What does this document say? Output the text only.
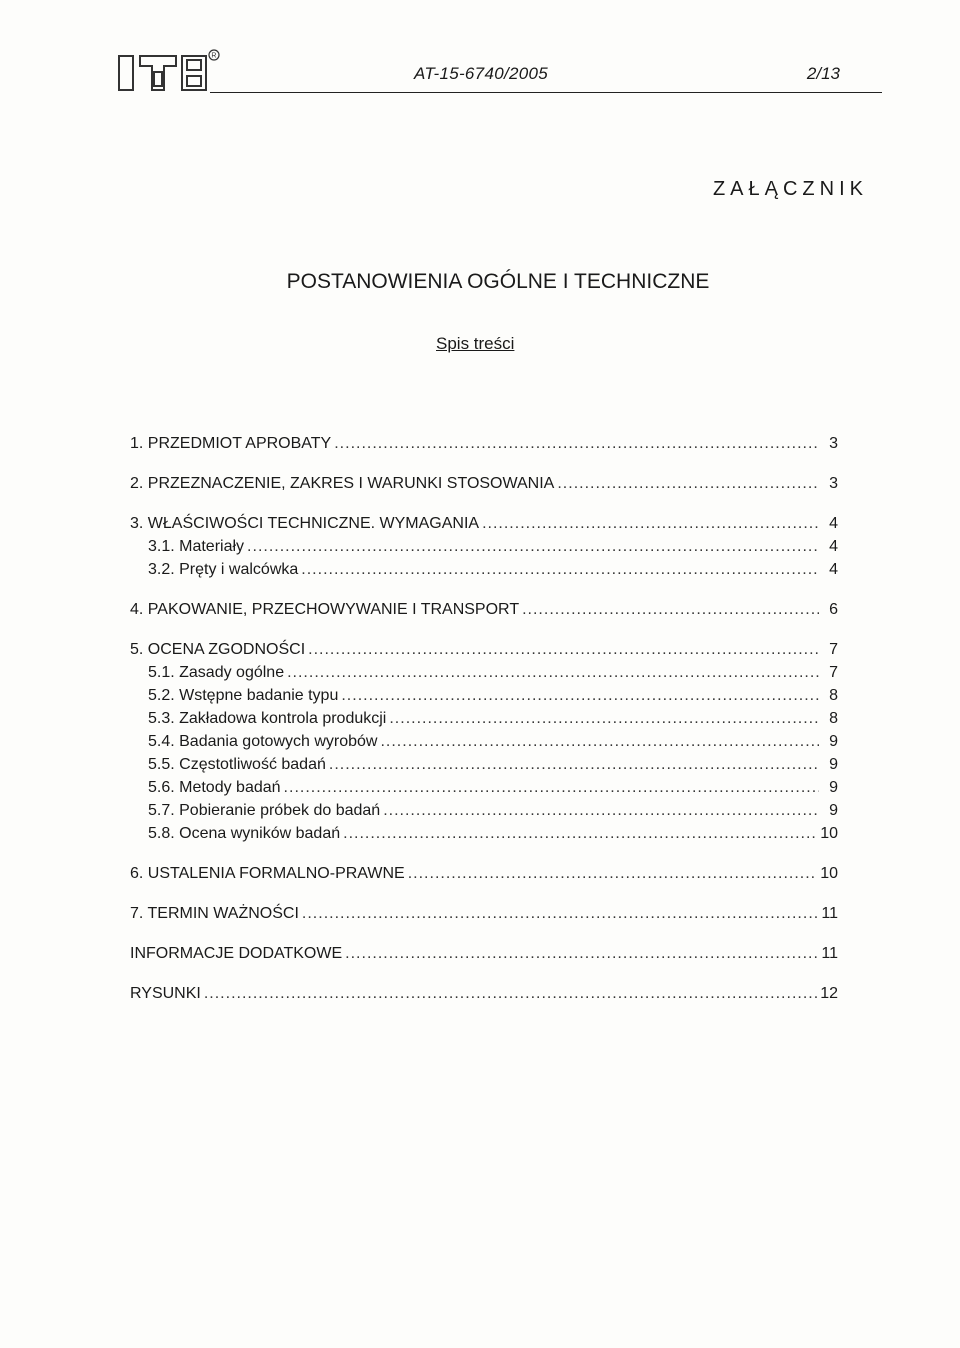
R
AT-15-6740/2005	2/13
ZAŁĄCZNIK
POSTANOWIENIA OGÓLNE I TECHNICZNE
Spis treści
1. PRZEDMIOT APROBATY .....	3
2. PRZEZNACZENIE, ZAKRES I WARUNKI STOSOWANIA .....	3
3. WŁAŚCIWOŚCI TECHNICZNE. WYMAGANIA .....	4
3.1. Materiały .....	4
3.2. Pręty i walcówka .....	4
4. PAKOWANIE, PRZECHOWYWANIE I TRANSPORT .....	6
5. OCENA ZGODNOŚCI .....	7
5.1. Zasady ogólne .....	7
5.2. Wstępne badanie typu .....	8
5.3. Zakładowa kontrola produkcji .....	8
5.4. Badania gotowych wyrobów .....	9
5.5. Częstotliwość badań .....	9
5.6. Metody badań .....	9
5.7. Pobieranie próbek do badań .....	9
5.8. Ocena wyników badań .....	10
6. USTALENIA FORMALNO-PRAWNE .....	10
7. TERMIN WAŻNOŚCI .....	11
INFORMACJE DODATKOWE .....	11
RYSUNKI .....	12
